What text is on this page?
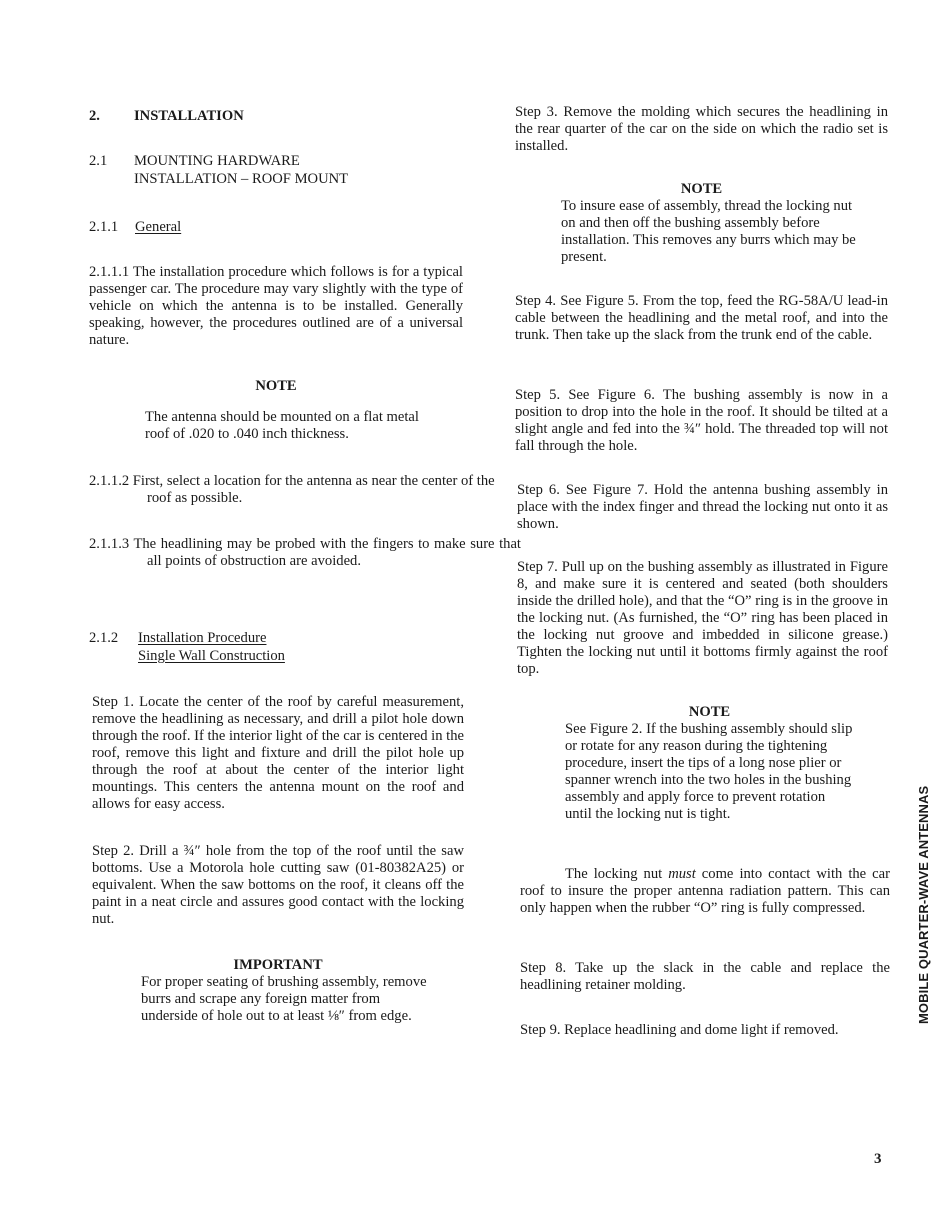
2. INSTALLATION
2.1 MOUNTING HARDWARE
INSTALLATION – ROOF MOUNT
2.1.1 General

2.1.1.1 The installation procedure which follows is for a typical passenger car. The procedure may vary slightly with the type of vehicle on which the antenna is to be installed. Generally speaking, however, the procedures outlined are of a universal nature.

NOTE

The antenna should be mounted on a flat metal roof of .020 to .040 inch thickness.

2.1.1.2 First, select a location for the antenna as near the center of the roof as possible.

2.1.1.3 The headlining may be probed with the fingers to make sure that all points of obstruction are avoided.

2.1.2 Installation Procedure
Single Wall Construction

Step 1. Locate the center of the roof by careful measurement, remove the headlining as necessary, and drill a pilot hole down through the roof. If the interior light of the car is centered in the roof, remove this light and fixture and drill the pilot hole up through the roof at about the center of the interior light mountings. This centers the antenna mount on the roof and allows for easy access.

Step 2. Drill a ¾″ hole from the top of the roof until the saw bottoms. Use a Motorola hole cutting saw (01-80382A25) or equivalent. When the saw bottoms on the roof, it cleans off the paint in a neat circle and assures good contact with the locking nut.

IMPORTANT

For proper seating of brushing assembly, remove burrs and scrape any foreign matter from underside of hole out to at least ⅛″ from edge.

Step 3. Remove the molding which secures the headlining in the rear quarter of the car on the side on which the radio set is installed.

NOTE

To insure ease of assembly, thread the locking nut on and then off the bushing assembly before installation. This removes any burrs which may be present.

Step 4. See Figure 5. From the top, feed the RG-58A/U lead-in cable between the headlining and the metal roof, and into the trunk. Then take up the slack from the trunk end of the cable.

Step 5. See Figure 6. The bushing assembly is now in a position to drop into the hole in the roof. It should be tilted at a slight angle and fed into the ¾″ hold. The threaded top will not fall through the hole.

Step 6. See Figure 7. Hold the antenna bushing assembly in place with the index finger and thread the locking nut onto it as shown.

Step 7. Pull up on the bushing assembly as illustrated in Figure 8, and make sure it is centered and seated (both shoulders inside the drilled hole), and that the “O” ring is in the groove in the locking nut. (As furnished, the “O” ring has been placed in the locking nut groove and imbedded in silicone grease.) Tighten the locking nut until it bottoms firmly against the roof top.

NOTE

See Figure 2. If the bushing assembly should slip or rotate for any reason during the tightening procedure, insert the tips of a long nose plier or spanner wrench into the two holes in the bushing assembly and apply force to prevent rotation until the locking nut is tight.

The locking nut must come into contact with the car roof to insure the proper antenna radiation pattern. This can only happen when the rubber “O” ring is fully compressed.

Step 8. Take up the slack in the cable and replace the headlining retainer molding.

Step 9. Replace headlining and dome light if removed.

MOBILE QUARTER-WAVE ANTENNAS
3
